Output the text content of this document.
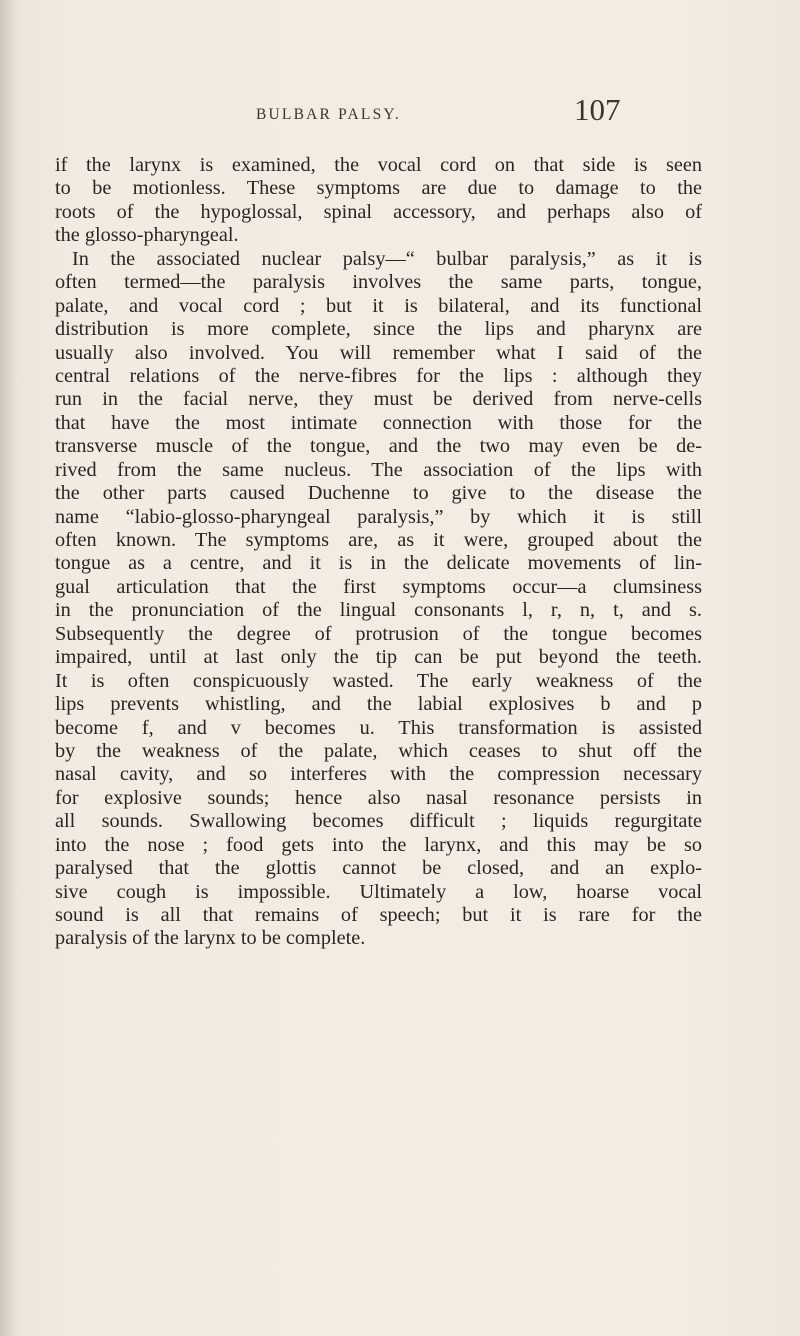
BULBAR PALSY.	107
if the larynx is examined, the vocal cord on that side is seen
to be motionless. These symptoms are due to damage to the
roots of the hypoglossal, spinal accessory, and perhaps also of
the glosso-pharyngeal.
In the associated nuclear palsy—“ bulbar paralysis,” as it is
often termed—the paralysis involves the same parts, tongue,
palate, and vocal cord ; but it is bilateral, and its functional
distribution is more complete, since the lips and pharynx are
usually also involved. You will remember what I said of the
central relations of the nerve-fibres for the lips : although they
run in the facial nerve, they must be derived from nerve-cells
that have the most intimate connection with those for the
transverse muscle of the tongue, and the two may even be de-
rived from the same nucleus. The association of the lips with
the other parts caused Duchenne to give to the disease the
name “labio-glosso-pharyngeal paralysis,” by which it is still
often known. The symptoms are, as it were, grouped about the
tongue as a centre, and it is in the delicate movements of lin-
gual articulation that the first symptoms occur—a clumsiness
in the pronunciation of the lingual consonants l, r, n, t, and s.
Subsequently the degree of protrusion of the tongue becomes
impaired, until at last only the tip can be put beyond the teeth.
It is often conspicuously wasted. The early weakness of the
lips prevents whistling, and the labial explosives b and p
become f, and v becomes u. This transformation is assisted
by the weakness of the palate, which ceases to shut off the
nasal cavity, and so interferes with the compression necessary
for explosive sounds; hence also nasal resonance persists in
all sounds. Swallowing becomes difficult ; liquids regurgitate
into the nose ; food gets into the larynx, and this may be so
paralysed that the glottis cannot be closed, and an explo-
sive cough is impossible. Ultimately a low, hoarse vocal
sound is all that remains of speech; but it is rare for the
paralysis of the larynx to be complete.
